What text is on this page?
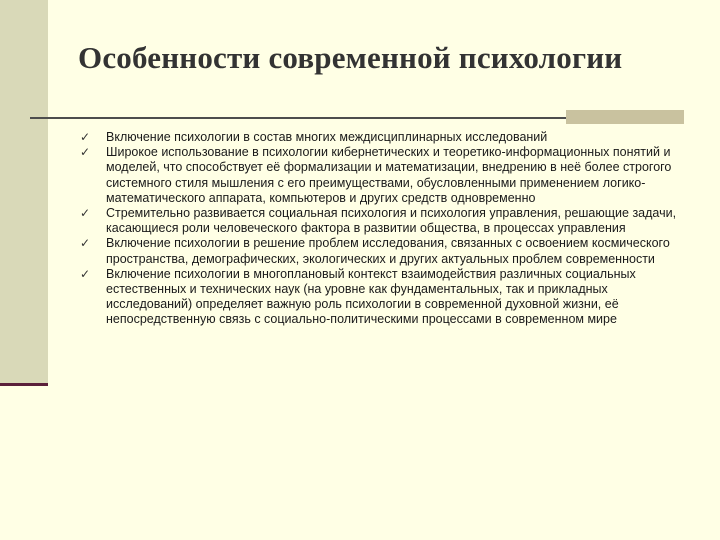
Особенности современной психологии
✓ Включение психологии в состав многих междисциплинарных исследований
✓ Широкое использование в психологии кибернетических и теоретико-информационных понятий и моделей, что способствует её формализации и математизации, внедрению в неё более строгого системного стиля мышления с его преимуществами, обусловленными применением логико-математического аппарата, компьютеров и других средств одновременно
✓ Стремительно развивается социальная психология и психология управления, решающие задачи, касающиеся роли человеческого фактора в развитии общества, в процессах управления
✓ Включение психологии в решение проблем исследования, связанных с освоением космического пространства, демографических, экологических и других актуальных проблем современности
✓ Включение психологии в многоплановый контекст взаимодействия различных социальных естественных и технических наук (на уровне как фундаментальных, так и прикладных исследований) определяет важную роль психологии в современной духовной жизни, её непосредственную связь с социально-политическими процессами в современном мире
